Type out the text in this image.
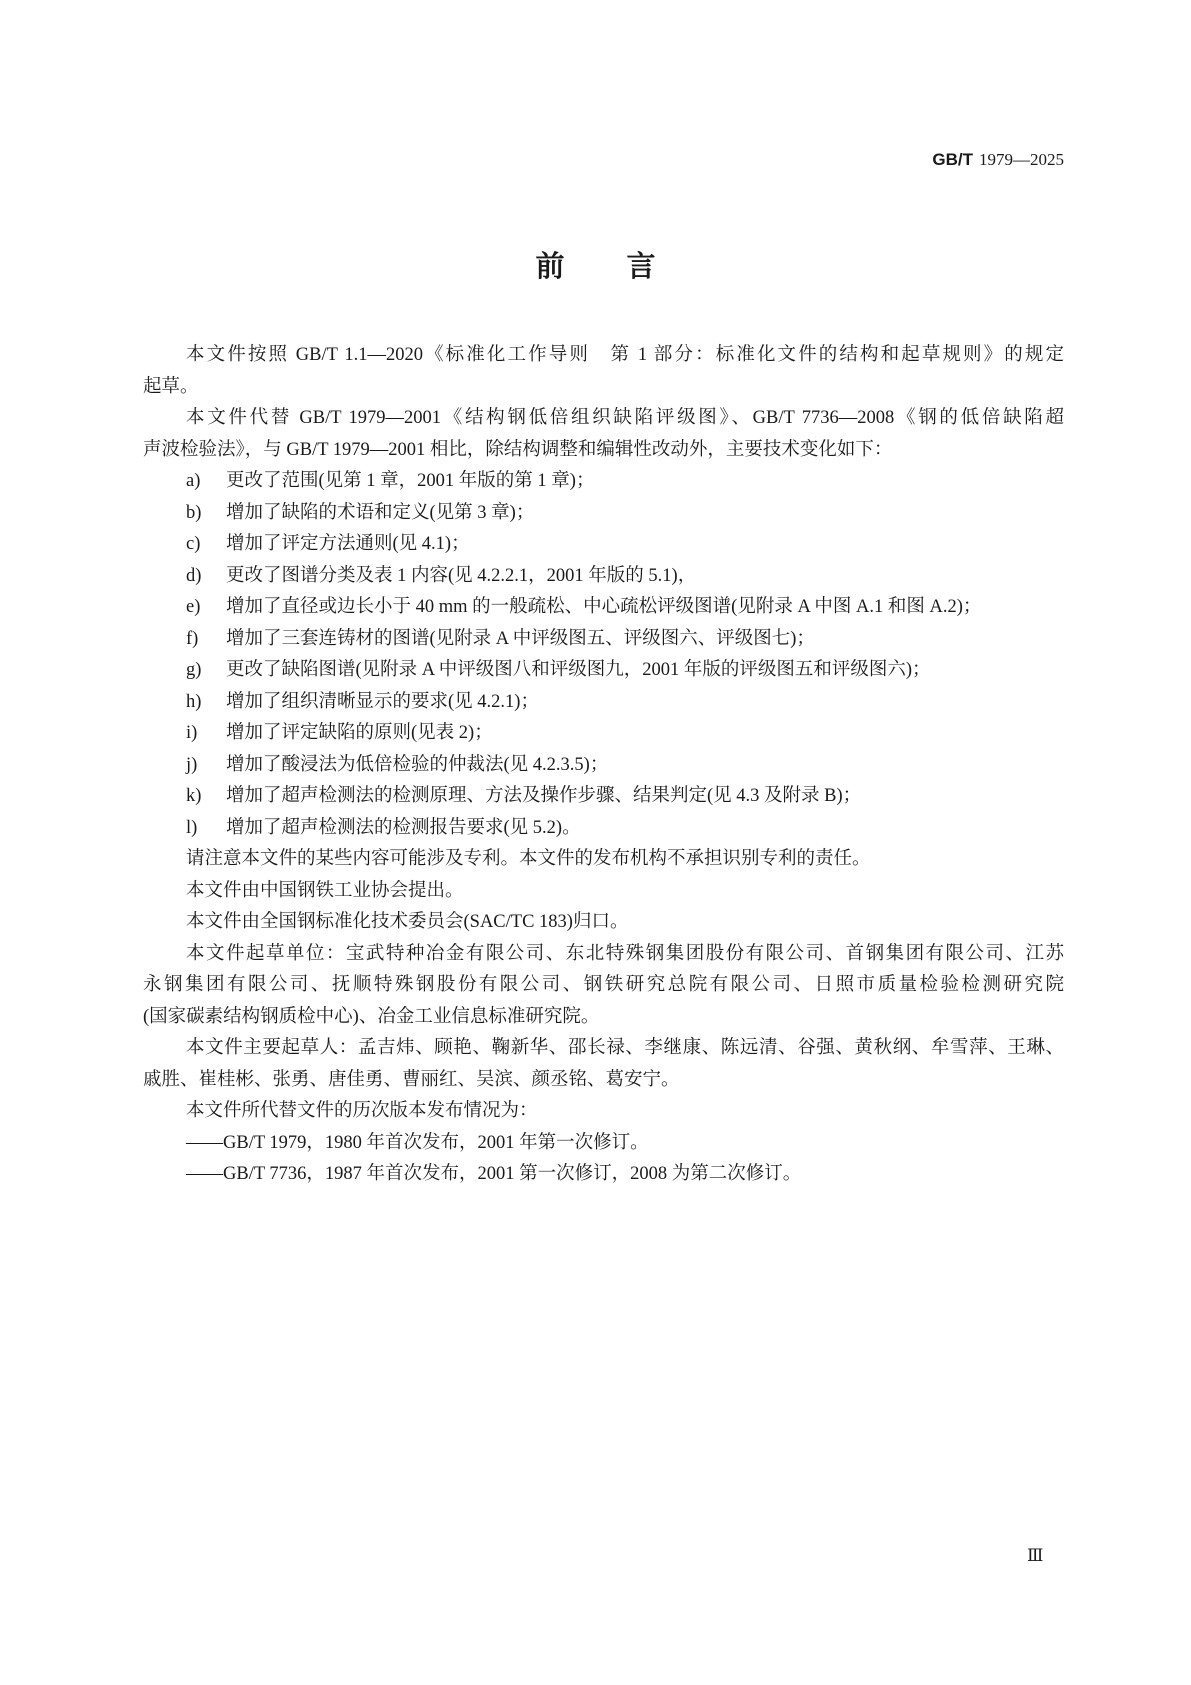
GB/T 1979—2025
前 言
本文件按照 GB/T 1.1—2020《标准化工作导则　第 1 部分：标准化文件的结构和起草规则》的规定
起草。
本文件代替 GB/T 1979—2001《结构钢低倍组织缺陷评级图》、GB/T 7736—2008《钢的低倍缺陷超
声波检验法》，与 GB/T 1979—2001 相比，除结构调整和编辑性改动外，主要技术变化如下：
a)	更改了范围(见第 1 章，2001 年版的第 1 章)；
b)	增加了缺陷的术语和定义(见第 3 章)；
c)	增加了评定方法通则(见 4.1)；
d)	更改了图谱分类及表 1 内容(见 4.2.2.1，2001 年版的 5.1)，
e)	增加了直径或边长小于 40 mm 的一般疏松、中心疏松评级图谱(见附录 A 中图 A.1 和图 A.2)；
f)	增加了三套连铸材的图谱(见附录 A 中评级图五、评级图六、评级图七)；
g)	更改了缺陷图谱(见附录 A 中评级图八和评级图九，2001 年版的评级图五和评级图六)；
h)	增加了组织清晰显示的要求(见 4.2.1)；
i)	增加了评定缺陷的原则(见表 2)；
j)	增加了酸浸法为低倍检验的仲裁法(见 4.2.3.5)；
k)	增加了超声检测法的检测原理、方法及操作步骤、结果判定(见 4.3 及附录 B)；
l)	增加了超声检测法的检测报告要求(见 5.2)。
请注意本文件的某些内容可能涉及专利。本文件的发布机构不承担识别专利的责任。
本文件由中国钢铁工业协会提出。
本文件由全国钢标准化技术委员会(SAC/TC 183)归口。
本文件起草单位：宝武特种冶金有限公司、东北特殊钢集团股份有限公司、首钢集团有限公司、江苏
永钢集团有限公司、抚顺特殊钢股份有限公司、钢铁研究总院有限公司、日照市质量检验检测研究院
(国家碳素结构钢质检中心)、冶金工业信息标准研究院。
本文件主要起草人：孟吉炜、顾艳、鞠新华、邵长禄、李继康、陈远清、谷强、黄秋纲、牟雪萍、王琳、
戚胜、崔桂彬、张勇、唐佳勇、曹丽红、吴滨、颜丞铭、葛安宁。
本文件所代替文件的历次版本发布情况为：
——GB/T 1979，1980 年首次发布，2001 年第一次修订。
——GB/T 7736，1987 年首次发布，2001 第一次修订，2008 为第二次修订。
Ⅲ
